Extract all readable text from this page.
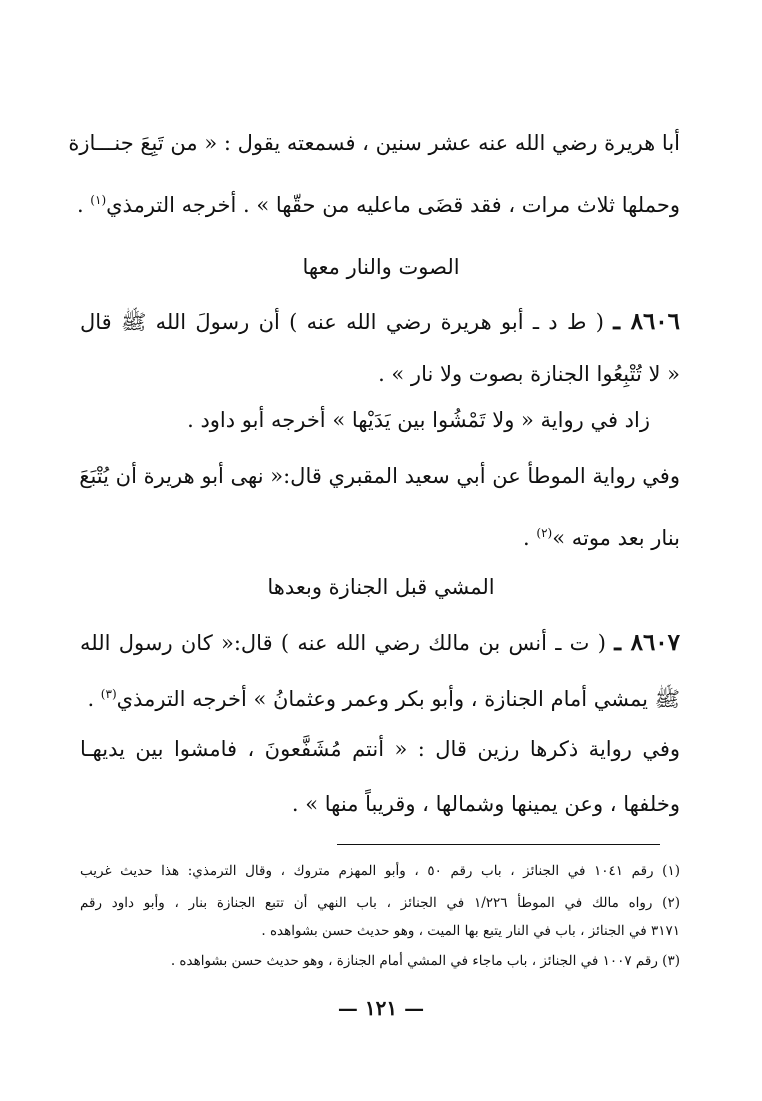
أبا هريرة رضي الله عنه عشر سنين ، فسمعته يقول : « من تَبِعَ جنـــازة
وحملها ثلاث مرات ، فقد قضَى ماعليه من حقّها » . أخرجه الترمذي$^{(١)}$ .
الصوت والنار معها
٨٦٠٦ ـ ( ط د ـ أبو هريرة رضي الله عنه ) أن رسولَ الله ﷺ قال
« لا تُتْبِعُوا الجنازة بصوت ولا نار » .
زاد في رواية « ولا تَمْشُوا بين يَدَيْها » أخرجه أبو داود .
وفي رواية الموطأ عن أبي سعيد المقبري قال:« نهى أبو هريرة أن يُتْبَعَ
بنار بعد موته »$^{(٢)}$ .
المشي قبل الجنازة وبعدها
٨٦٠٧ ـ ( ت ـ أنس بن مالك رضي الله عنه ) قال:« كان رسول الله
ﷺ يمشي أمام الجنازة ، وأبو بكر وعمر وعثمانُ » أخرجه الترمذي$^{(٣)}$ .
وفي رواية ذكرها رزين قال : « أنتم مُشَفَّعونَ ، فامشوا بين يديهـا
وخلفها ، وعن يمينها وشمالها ، وقريباً منها » .
(١) رقم ١٠٤١ في الجنائز ، باب رقم ٥٠ ، وأبو المهزم متروك ، وقال الترمذي: هذا حديث غريب
(٢) رواه مالك في الموطأ ١/٢٢٦ في الجنائز ، باب النهي أن تتبع الجنازة بنار ، وأبو داود رقم
٣١٧١ في الجنائز ، باب في النار يتبع بها الميت ، وهو حديث حسن بشواهده .
(٣) رقم ١٠٠٧ في الجنائز ، باب ماجاء في المشي أمام الجنازة ، وهو حديث حسن بشواهده .
— ١٢١ —
